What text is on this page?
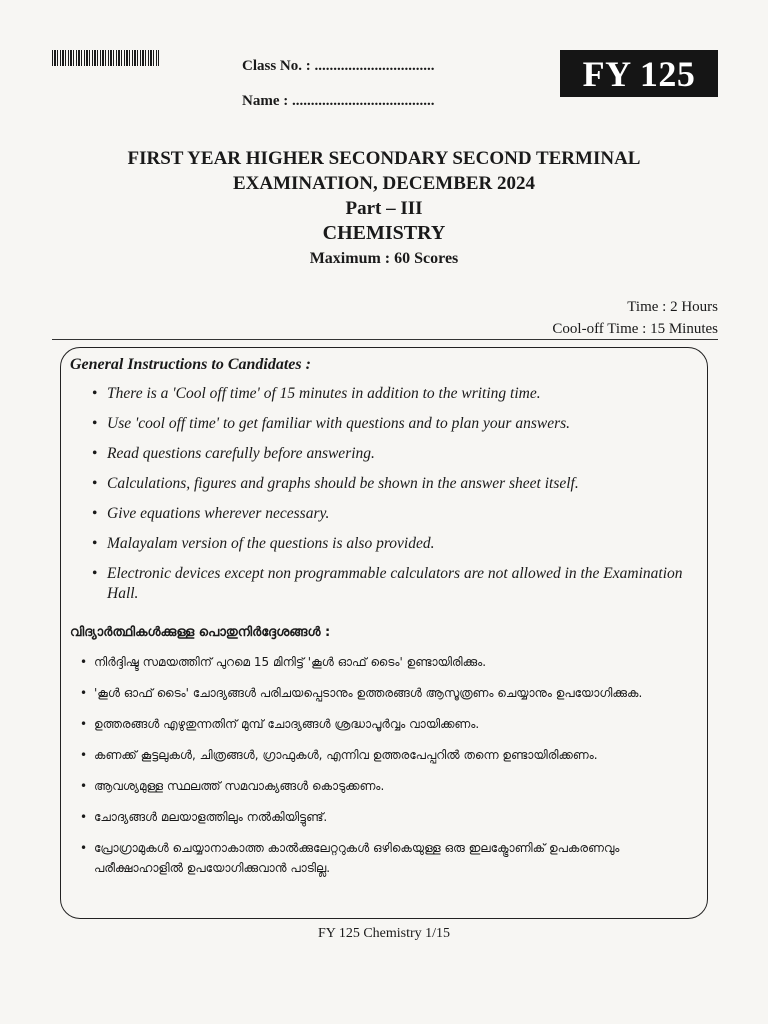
Class No. : ................................
Name : ......................................
FY 125
FIRST YEAR HIGHER SECONDARY SECOND TERMINAL
EXAMINATION, DECEMBER 2024
Part – III
CHEMISTRY
Maximum : 60 Scores
Time : 2 Hours
Cool-off Time : 15 Minutes
General Instructions to Candidates :
• There is a 'Cool off time' of 15 minutes in addition to the writing time.
• Use 'cool off time' to get familiar with questions and to plan your answers.
• Read questions carefully before answering.
• Calculations, figures and graphs should be shown in the answer sheet itself.
• Give equations wherever necessary.
• Malayalam version of the questions is also provided.
• Electronic devices except non programmable calculators are not allowed in the Examination Hall.
വിദ്യാർത്ഥികൾക്കുള്ള പൊതുനിർദ്ദേശങ്ങൾ :
• നിർദ്ദിഷ്ട സമയത്തിന് പുറമെ 15 മിനിട്ട് 'കൂൾ ഓഫ് ടൈം' ഉണ്ടായിരിക്കും.
• 'കൂൾ ഓഫ് ടൈം' ചോദ്യങ്ങൾ പരിചയപ്പെടാനും ഉത്തരങ്ങൾ ആസൂത്രണം ചെയ്യാനും ഉപയോഗിക്കുക.
• ഉത്തരങ്ങൾ എഴുതുന്നതിന് മുമ്പ് ചോദ്യങ്ങൾ ശ്രദ്ധാപൂർവ്വം വായിക്കണം.
• കണക്ക് കൂട്ടലുകൾ, ചിത്രങ്ങൾ, ഗ്രാഫുകൾ, എന്നിവ ഉത്തരപേപ്പറിൽ തന്നെ ഉണ്ടായിരിക്കണം.
• ആവശ്യമുള്ള സ്ഥലത്ത് സമവാക്യങ്ങൾ കൊടുക്കണം.
• ചോദ്യങ്ങൾ മലയാളത്തിലും നൽകിയിട്ടുണ്ട്.
• പ്രോഗ്രാമുകൾ ചെയ്യാനാകാത്ത കാൽക്കുലേറ്ററുകൾ ഒഴികെയുള്ള ഒരു ഇലക്ട്രോണിക് ഉപകരണവും പരീക്ഷാഹാളിൽ ഉപയോഗിക്കുവാൻ പാടില്ല.
FY 125 Chemistry 1/15
